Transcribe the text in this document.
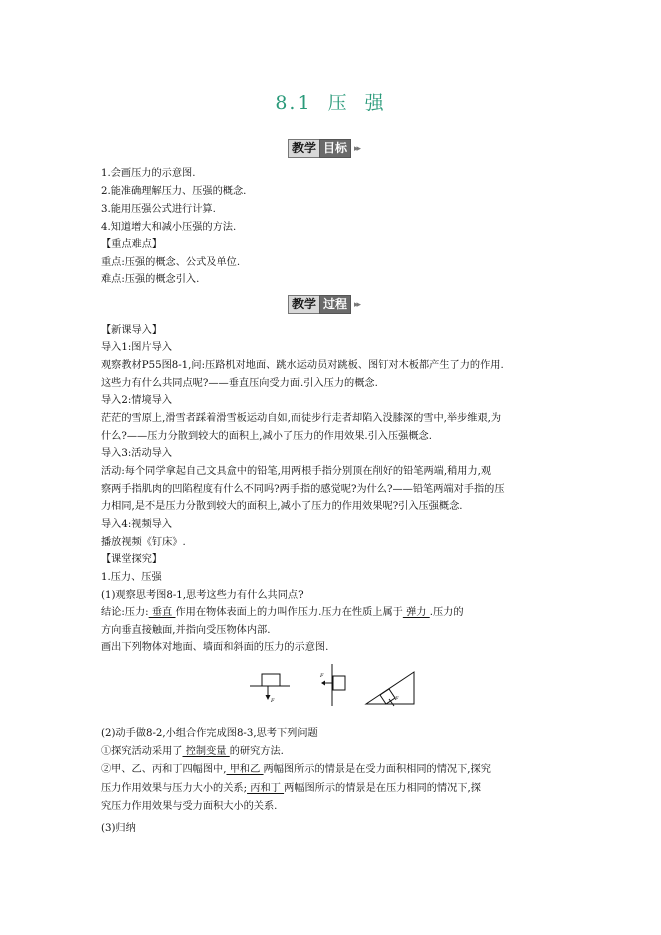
8.1 压 强
教学 目标 ▸▸
1.会画压力的示意图.
2.能准确理解压力、压强的概念.
3.能用压强公式进行计算.
4.知道增大和减小压强的方法.
【重点难点】
重点:压强的概念、公式及单位.
难点:压强的概念引入.
教学 过程 ▸▸
【新课导入】
导入1:图片导入
观察教材P55图8-1,问:压路机对地面、跳水运动员对跳板、图钉对木板都产生了力的作用.
这些力有什么共同点呢?——垂直压向受力面.引入压力的概念.
导入2:情境导入
茫茫的雪原上,滑雪者踩着滑雪板运动自如,而徒步行走者却陷入没膝深的雪中,举步维艰,为
什么?——压力分散到较大的面积上,减小了压力的作用效果.引入压强概念.
导入3:活动导入
活动:每个同学拿起自己文具盒中的铅笔,用两根手指分别顶在削好的铅笔两端,稍用力,观
察两手指肌肉的凹陷程度有什么不同吗?两手指的感觉呢?为什么?——铅笔两端对手指的压
力相同,是不是压力分散到较大的面积上,减小了压力的作用效果呢?引入压强概念.
导入4:视频导入
播放视频《钉床》.
【课堂探究】
1.压力、压强
(1)观察思考图8-1,思考这些力有什么共同点?
结论:压力: 垂直 作用在物体表面上的力叫作压力.压力在性质上属于 弹力 .压力的
方向垂直接触面,并指向受压物体内部.
画出下列物体对地面、墙面和斜面的压力的示意图.
F
F
F
(2)动手做8-2,小组合作完成图8-3,思考下列问题
①探究活动采用了 控制变量 的研究方法.
②甲、乙、丙和丁四幅图中, 甲和乙 两幅图所示的情景是在受力面积相同的情况下,探究
压力作用效果与压力大小的关系; 丙和丁 两幅图所示的情景是在压力相同的情况下,探
究压力作用效果与受力面积大小的关系.
(3)归纳
